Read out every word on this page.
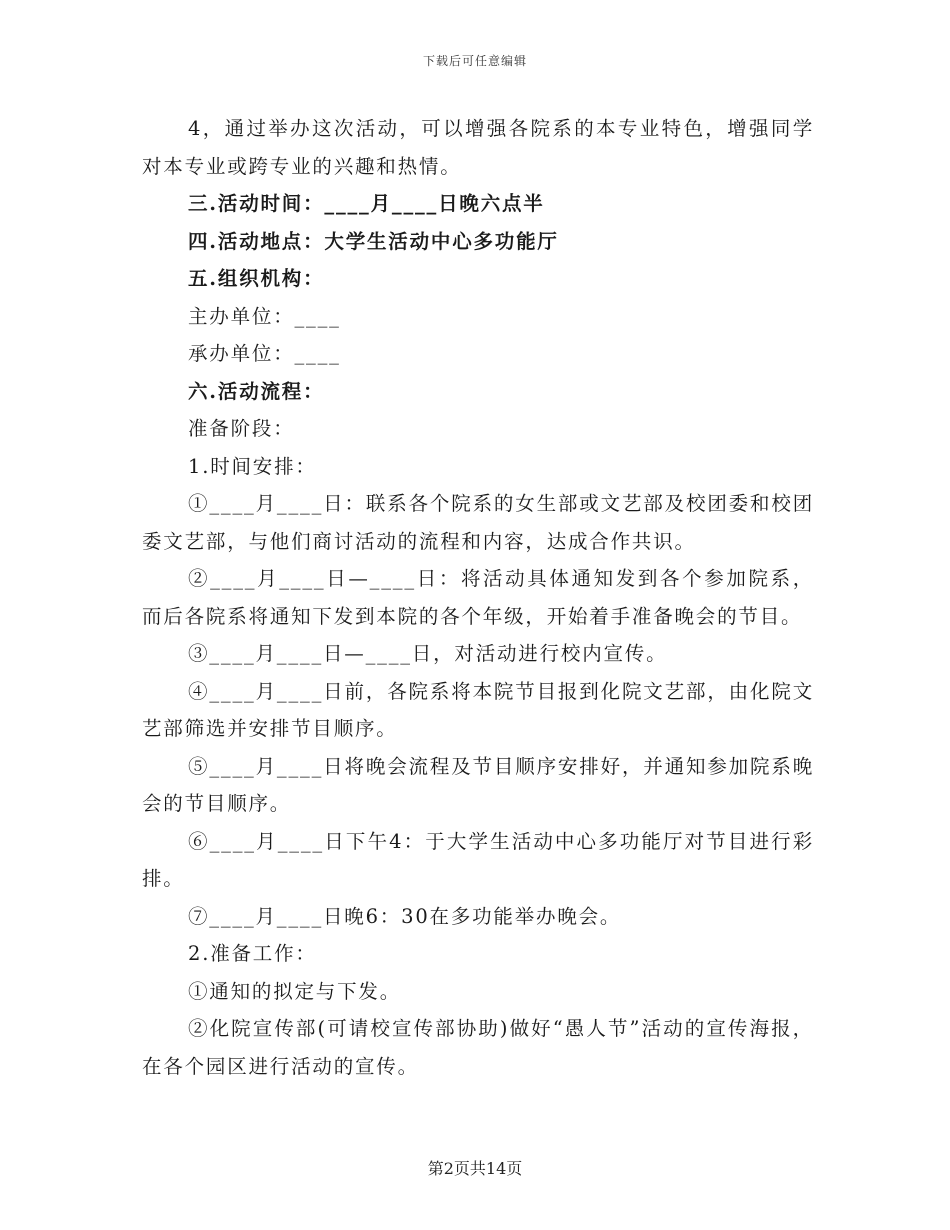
下载后可任意编辑

4，通过举办这次活动，可以增强各院系的本专业特色，增强同学对本专业或跨专业的兴趣和热情。

三.活动时间：____月____日晚六点半

四.活动地点：大学生活动中心多功能厅

五.组织机构：

主办单位：____

承办单位：____

六.活动流程：

准备阶段：

1.时间安排：

①____月____日：联系各个院系的女生部或文艺部及校团委和校团委文艺部，与他们商讨活动的流程和内容，达成合作共识。

②____月____日—____日：将活动具体通知发到各个参加院系，而后各院系将通知下发到本院的各个年级，开始着手准备晚会的节目。

③____月____日—____日，对活动进行校内宣传。

④____月____日前，各院系将本院节目报到化院文艺部，由化院文艺部筛选并安排节目顺序。

⑤____月____日将晚会流程及节目顺序安排好，并通知参加院系晚会的节目顺序。

⑥____月____日下午4：于大学生活动中心多功能厅对节目进行彩排。

⑦____月____日晚6：30在多功能举办晚会。

2.准备工作：

①通知的拟定与下发。

②化院宣传部(可请校宣传部协助)做好“愚人节”活动的宣传海报，在各个园区进行活动的宣传。

第2页共14页
